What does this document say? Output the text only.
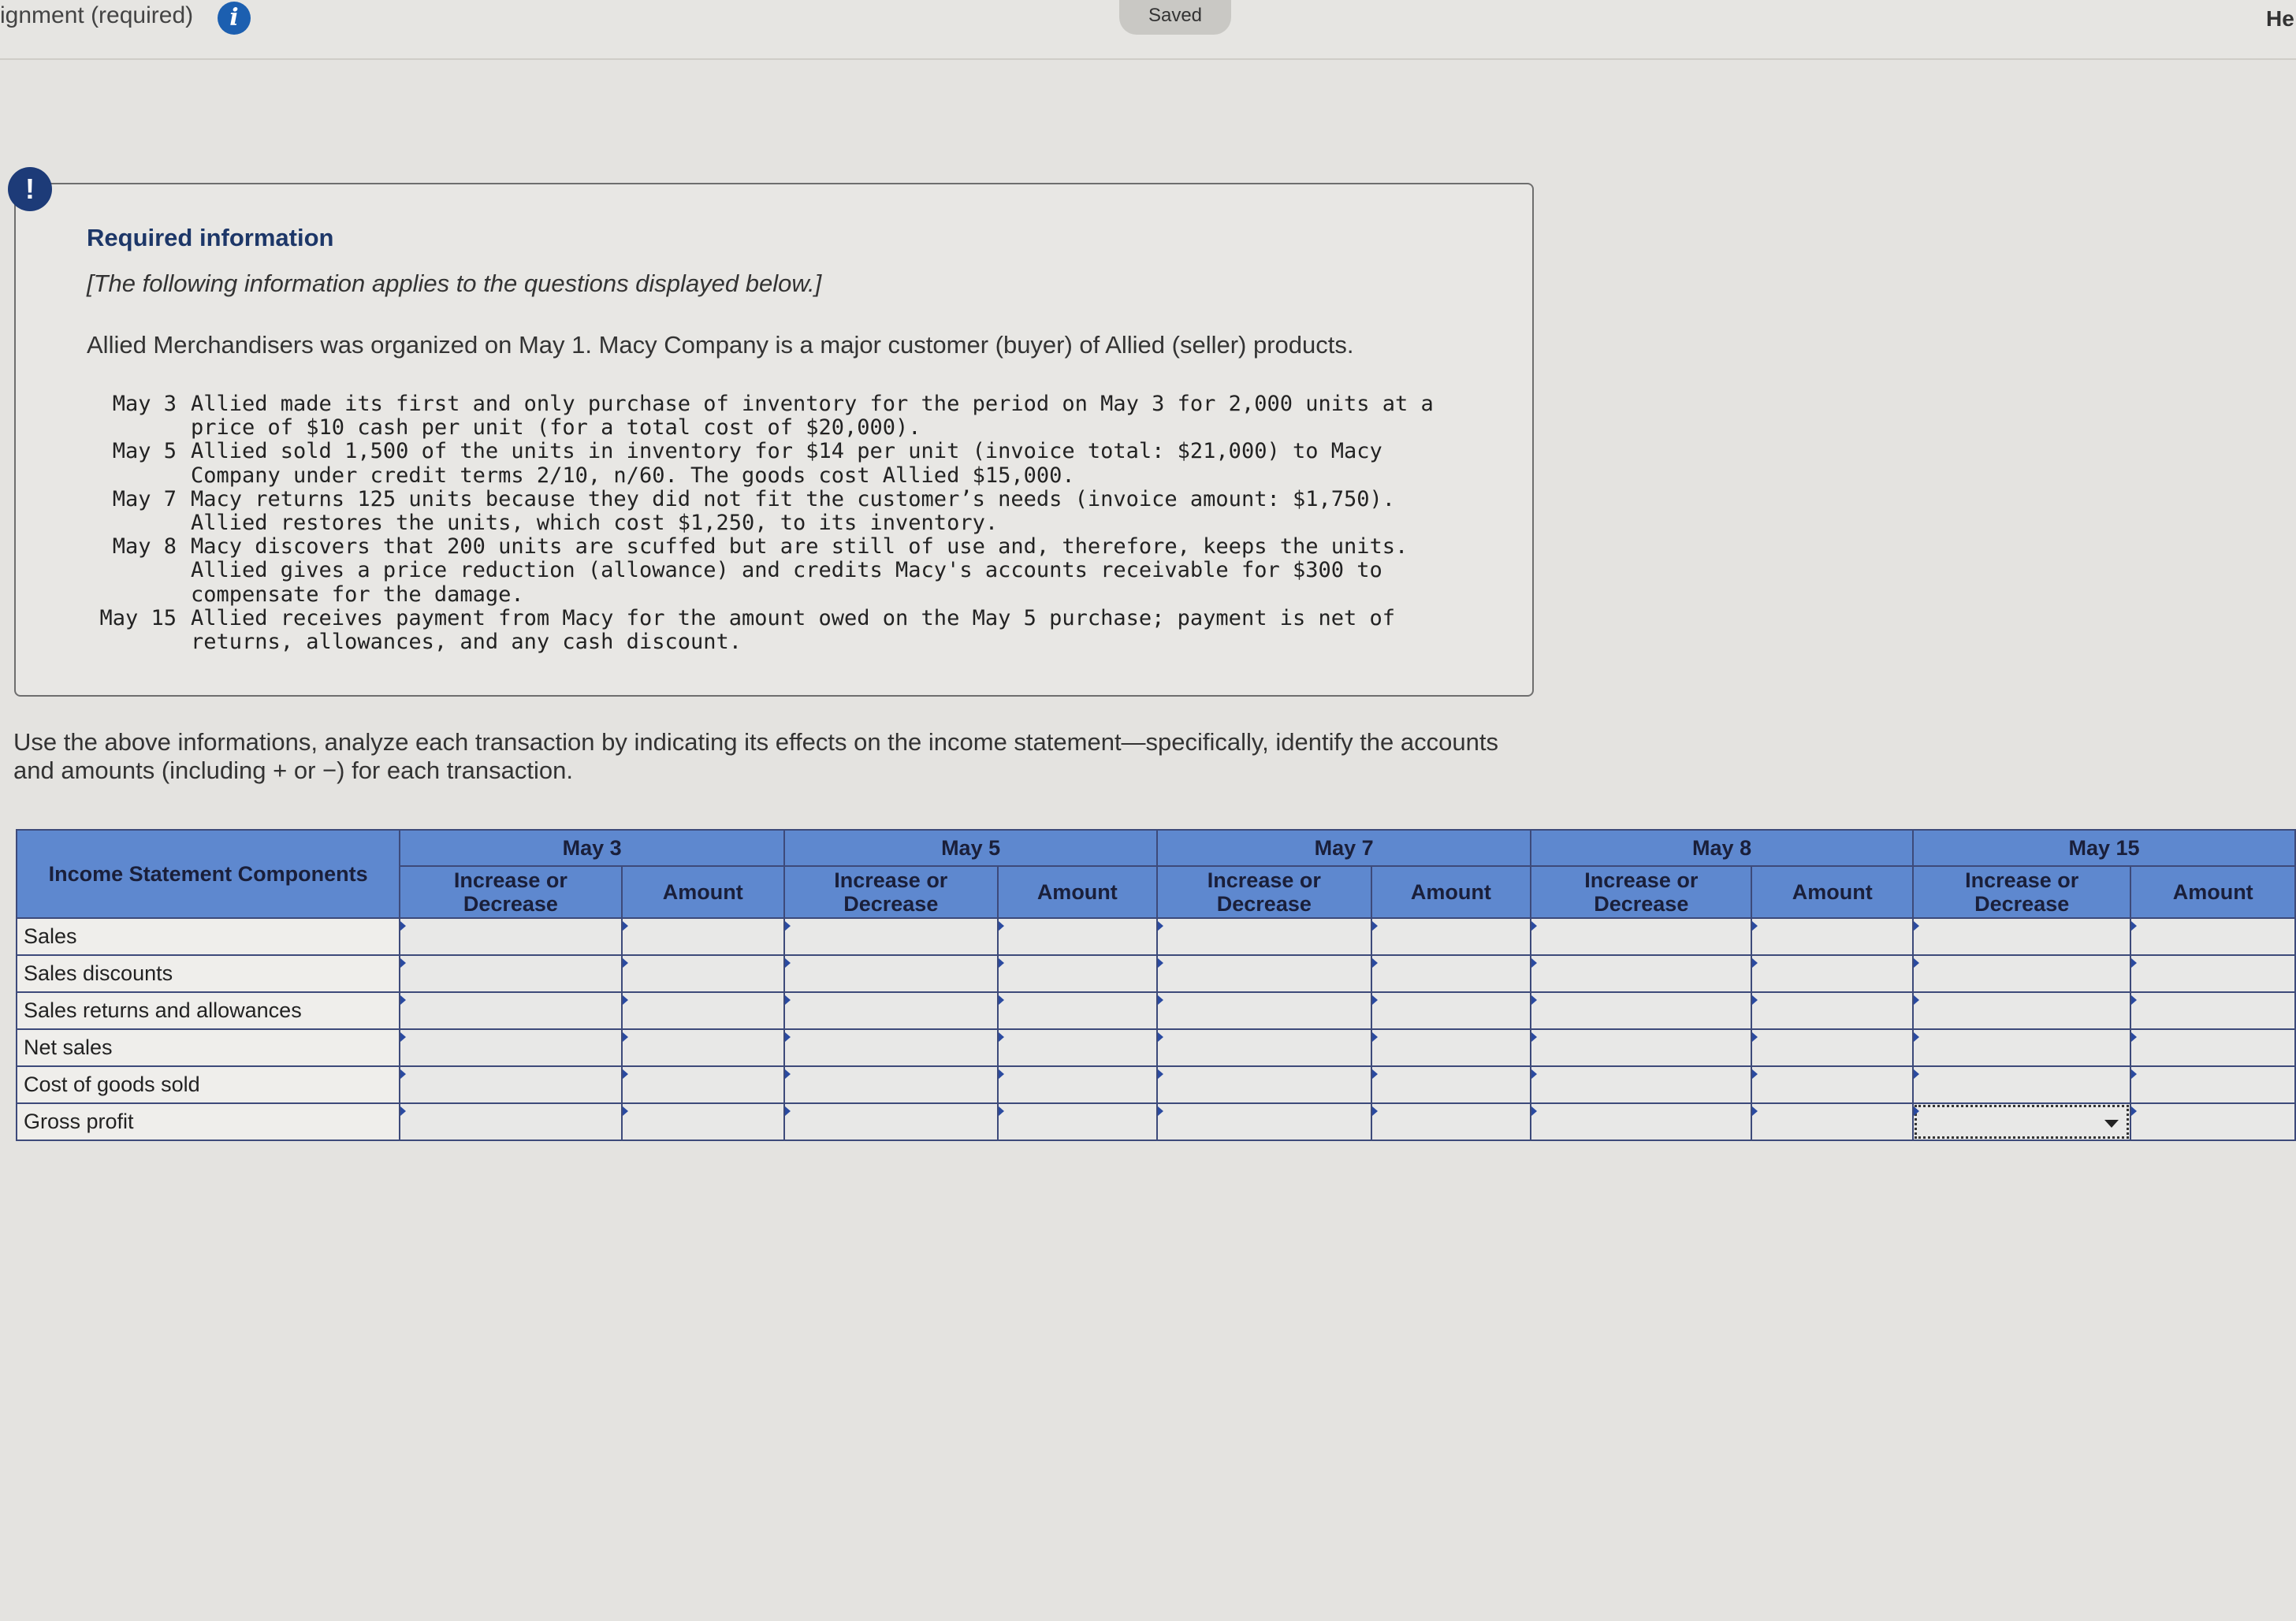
ignment (required)	i	Saved	He
Required information
[The following information applies to the questions displayed below.]
Allied Merchandisers was organized on May 1. Macy Company is a major customer (buyer) of Allied (seller) products.
May 3 Allied made its first and only purchase of inventory for the period on May 3 for 2,000 units at a price of $10 cash per unit (for a total cost of $20,000).
May 5 Allied sold 1,500 of the units in inventory for $14 per unit (invoice total: $21,000) to Macy Company under credit terms 2/10, n/60. The goods cost Allied $15,000.
May 7 Macy returns 125 units because they did not fit the customer’s needs (invoice amount: $1,750). Allied restores the units, which cost $1,250, to its inventory.
May 8 Macy discovers that 200 units are scuffed but are still of use and, therefore, keeps the units. Allied gives a price reduction (allowance) and credits Macy's accounts receivable for $300 to compensate for the damage.
May 15 Allied receives payment from Macy for the amount owed on the May 5 purchase; payment is net of returns, allowances, and any cash discount.
!
Use the above informations, analyze each transaction by indicating its effects on the income statement—specifically, identify the accounts and amounts (including + or −) for each transaction.
Income Statement Components	May 3		May 5		May 7		May 8		May 15	
	Increase or Decrease	Amount	Increase or Decrease	Amount	Increase or Decrease	Amount	Increase or Decrease	Amount	Increase or Decrease	Amount
Sales	

Sales discounts	

Sales returns and allowances	

Net sales	

Cost of goods sold	

Gross profit	
